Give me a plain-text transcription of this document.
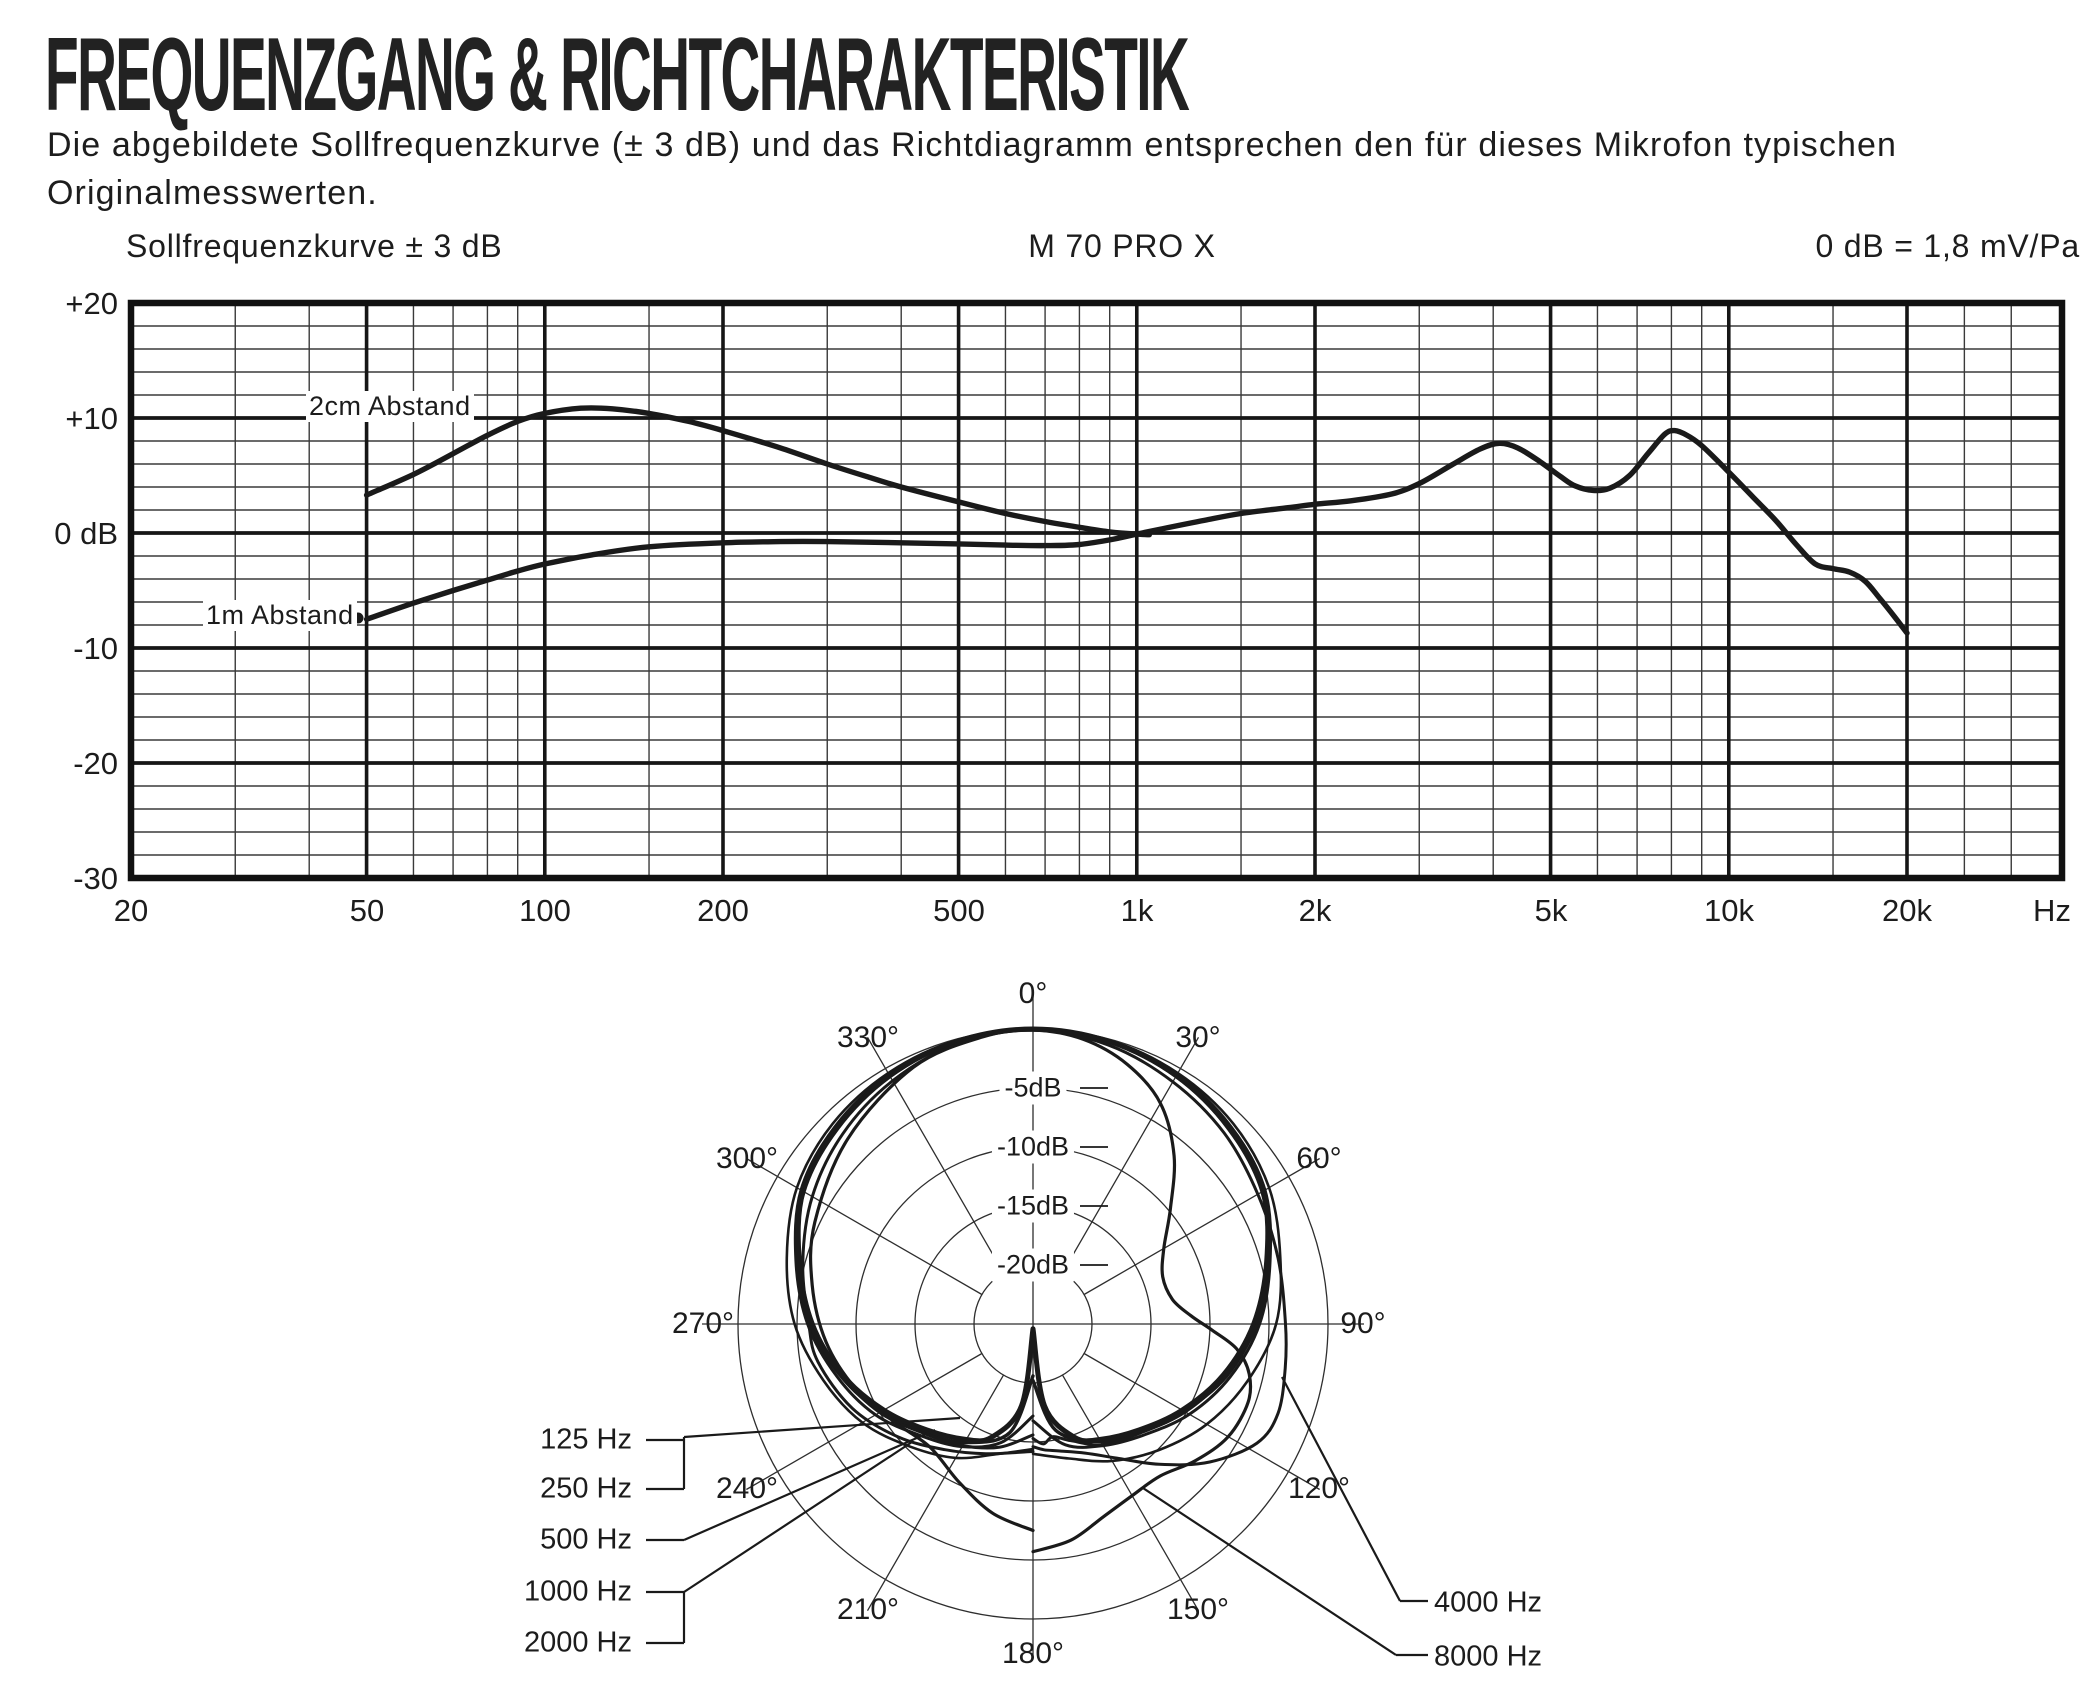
FREQUENZGANG & RICHTCHARAKTERISTIK
Die abgebildete Sollfrequenzkurve (± 3 dB) und das Richtdiagramm entsprechen den für dieses Mikrofon typischen
Originalmesswerten.
Sollfrequenzkurve ± 3 dB	M 70 PRO X	0 dB = 1,8 mV/Pa
2cm Abstand
1m Abstand
+20
+10
0 dB
-10
-20
-30
20	50	100	200	500	1k	2k	5k	10k	20k	Hz
0°
30°
60°
90°
120°
150°
180°
210°
240°
270°
300°
330°
-5dB
-10dB
-15dB
-20dB
125 Hz
250 Hz
500 Hz
1000 Hz
2000 Hz
4000 Hz
8000 Hz
